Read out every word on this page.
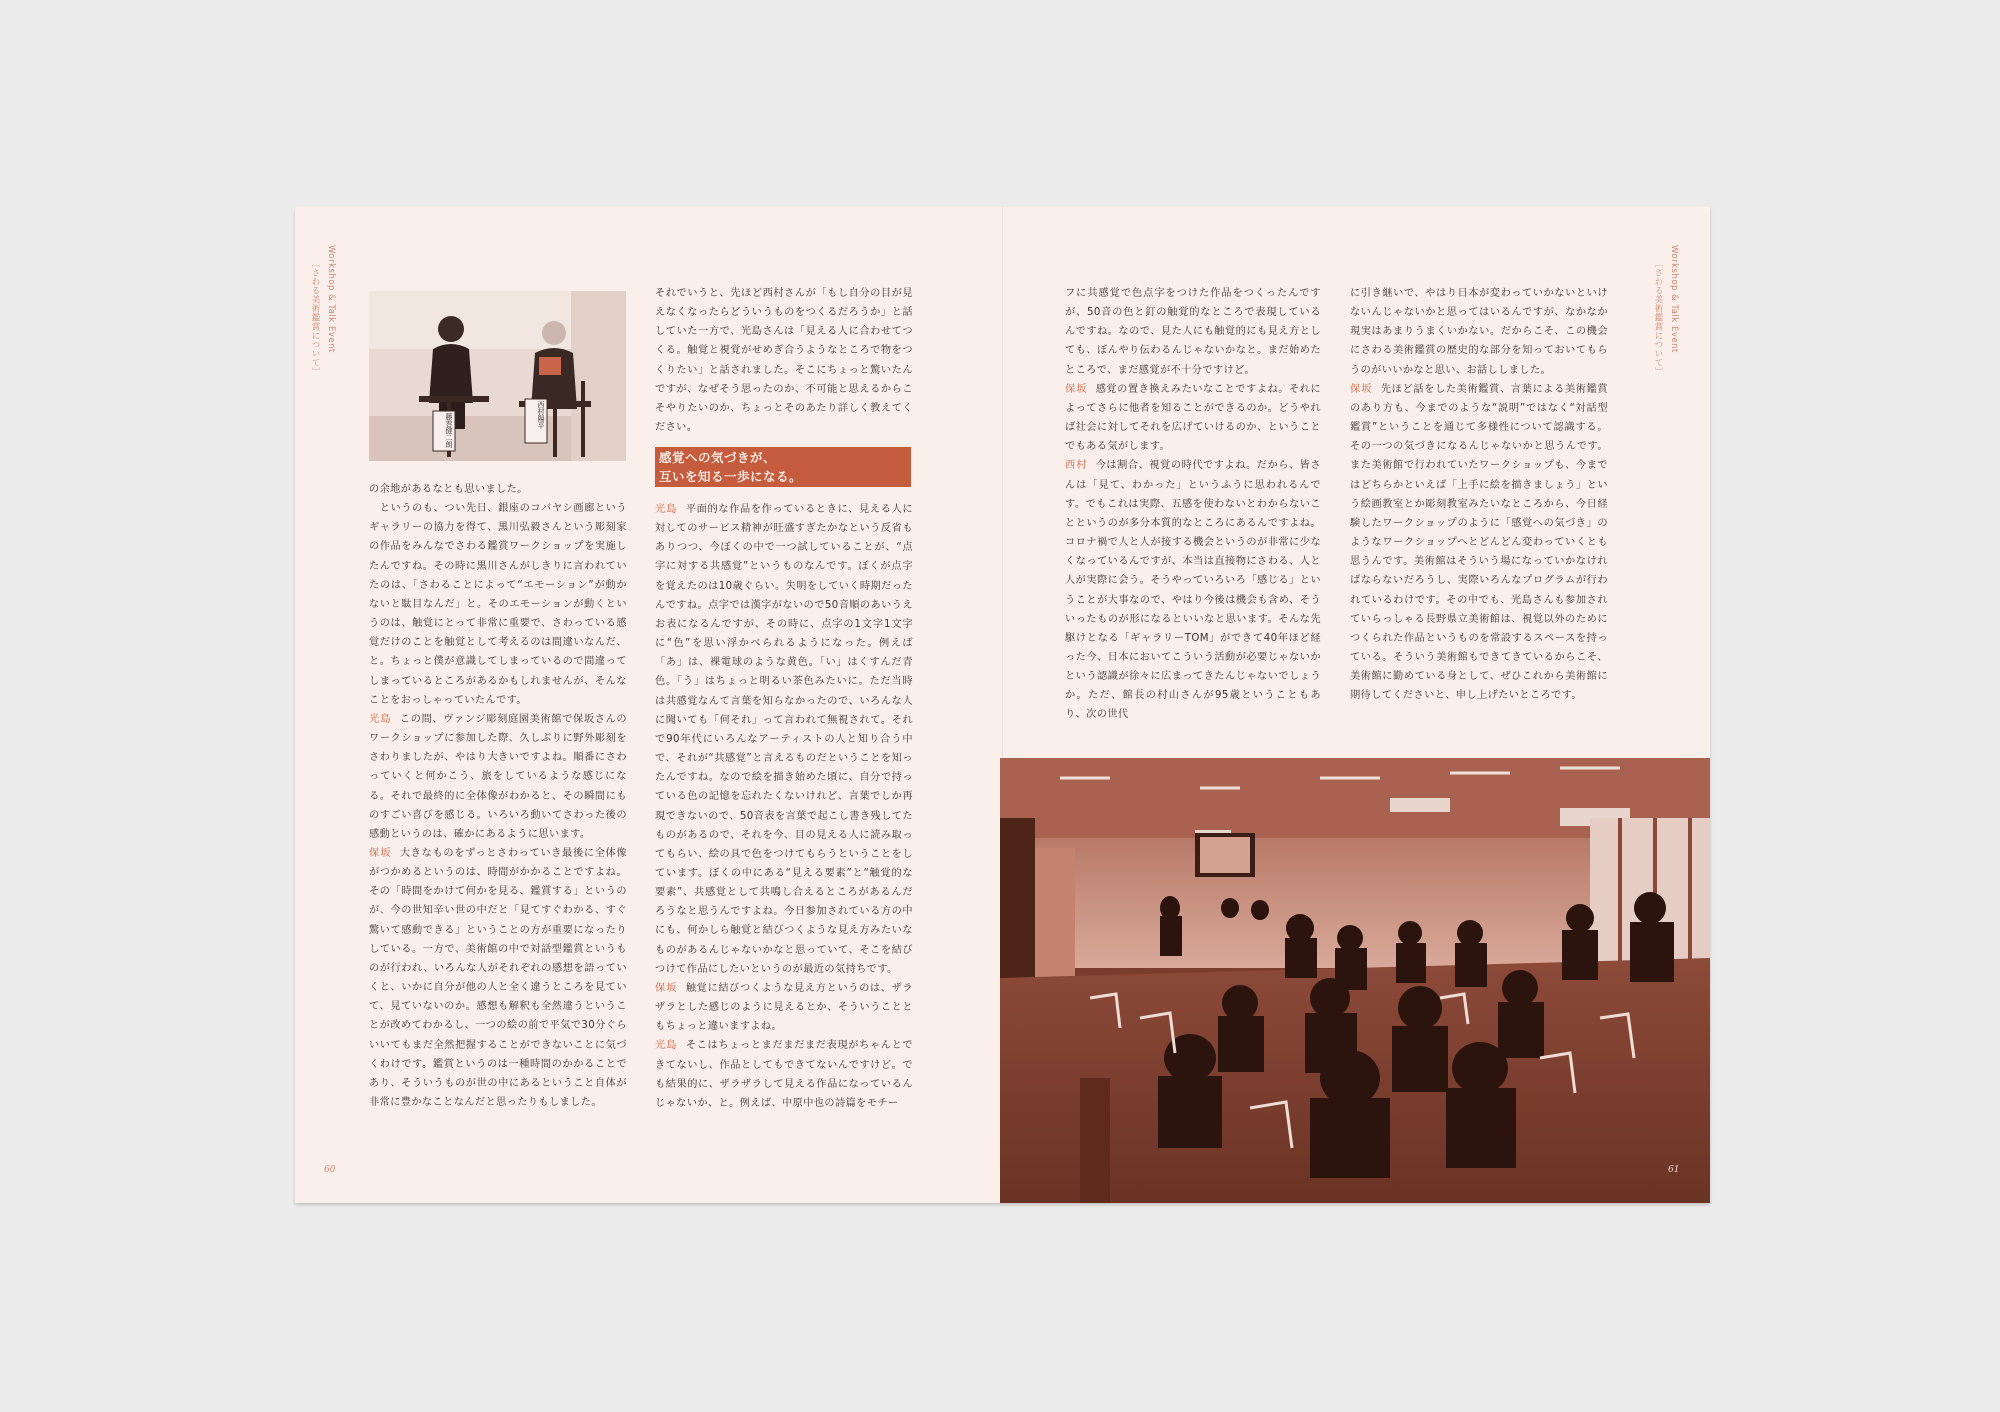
Workshop & Talk Event
［さわる美術鑑賞について］	Workshop & Talk Event
［さわる美術鑑賞について］
藤巻健二朗	西村陽平

の余地があるなとも思いました。

　というのも、つい先日、銀座のコバヤシ画廊というギャラリーの協力を得て、黒川弘毅さんという彫刻家の作品をみんなでさわる鑑賞ワークショップを実施したんですね。その時に黒川さんがしきりに言われていたのは、「さわることによって“エモーション”が動かないと駄目なんだ」と。そのエモーションが動くというのは、触覚にとって非常に重要で、さわっている感覚だけのことを触覚として考えるのは間違いなんだ、と。ちょっと僕が意識してしまっているので間違ってしまっているところがあるかもしれませんが、そんなことをおっしゃっていたんです。

光島 この間、ヴァンジ彫刻庭園美術館で保坂さんのワークショップに参加した際、久しぶりに野外彫刻をさわりましたが、やはり大きいですよね。順番にさわっていくと何かこう、旅をしているような感じになる。それで最終的に全体像がわかると、その瞬間にものすごい喜びを感じる。いろいろ動いてさわった後の感動というのは、確かにあるように思います。

保坂 大きなものをずっとさわっていき最後に全体像がつかめるというのは、時間がかかることですよね。その「時間をかけて何かを見る、鑑賞する」というのが、今の世知辛い世の中だと「見てすぐわかる、すぐ驚いて感動できる」ということの方が重要になったりしている。一方で、美術館の中で対話型鑑賞というものが行われ、いろんな人がそれぞれの感想を語っていくと、いかに自分が他の人と全く違うところを見ていて、見ていないのか。感想も解釈も全然違うということが改めてわかるし、一つの絵の前で平気で30分ぐらいいてもまだ全然把握することができないことに気づくわけです。鑑賞というのは一種時間のかかることであり、そういうものが世の中にあるということ自体が非常に豊かなことなんだと思ったりもしました。

それでいうと、先ほど西村さんが「もし自分の目が見えなくなったらどういうものをつくるだろうか」と話していた一方で、光島さんは「見える人に合わせてつくる。触覚と視覚がせめぎ合うようなところで物をつくりたい」と話されました。そこにちょっと驚いたんですが、なぜそう思ったのか、不可能と思えるからこそやりたいのか、ちょっとそのあたり詳しく教えてください。

感覚への気づきが、
互いを知る一歩になる。

光島 平面的な作品を作っているときに、見える人に対してのサービス精神が旺盛すぎたかなという反省もありつつ、今ぼくの中で一つ試していることが、“点字に対する共感覚”というものなんです。ぼくが点字を覚えたのは10歳ぐらい。失明をしていく時期だったんですね。点字では漢字がないので50音順のあいうえお表になるんですが、その時に、点字の1文字1文字に“色”を思い浮かべられるようになった。例えば「あ」は、裸電球のような黄色。「い」はくすんだ青色。「う」はちょっと明るい茶色みたいに。ただ当時は共感覚なんて言葉を知らなかったので、いろんな人に聞いても「何それ」って言われて無視されて。それで90年代にいろんなアーティストの人と知り合う中で、それが“共感覚”と言えるものだということを知ったんですね。なので絵を描き始めた頃に、自分で持っている色の記憶を忘れたくないけれど、言葉でしか再現できないので、50音表を言葉で起こし書き残してたものがあるので、それを今、目の見える人に読み取ってもらい、絵の具で色をつけてもらうということをしています。ぼくの中にある“見える要素”と“触覚的な要素”、共感覚として共鳴し合えるところがあるんだろうなと思うんですよね。今日参加されている方の中にも、何かしら触覚と結びつくような見え方みたいなものがあるんじゃないかなと思っていて、そこを結びつけて作品にしたいというのが最近の気持ちです。

保坂 触覚に結びつくような見え方というのは、ザラザラとした感じのように見えるとか、そういうことともちょっと違いますよね。

光島 そこはちょっとまだまだまだ表現がちゃんとできてないし、作品としてもできてないんですけど。でも結果的に、ザラザラして見える作品になっているんじゃないか、と。例えば、中原中也の詩篇をモチー

フに共感覚で色点字をつけた作品をつくったんですが、50音の色と釘の触覚的なところで表現しているんですね。なので、見た人にも触覚的にも見え方としても、ぼんやり伝わるんじゃないかなと。まだ始めたところで、まだ感覚が不十分ですけど。

保坂 感覚の置き換えみたいなことですよね。それによってさらに他者を知ることができるのか。どうやれば社会に対してそれを広げていけるのか、ということでもある気がします。

西村 今は割合、視覚の時代ですよね。だから、皆さんは「見て、わかった」というふうに思われるんです。でもこれは実際、五感を使わないとわからないことというのが多分本質的なところにあるんですよね。コロナ禍で人と人が接する機会というのが非常に少なくなっているんですが、本当は直接物にさわる、人と人が実際に会う。そうやっていろいろ「感じる」ということが大事なので、やはり今後は機会も含め、そういったものが形になるといいなと思います。そんな先駆けとなる「ギャラリーTOM」ができて40年ほど経った今、日本においてこういう活動が必要じゃないかという認識が徐々に広まってきたんじゃないでしょうか。ただ、館長の村山さんが95歳ということもあり、次の世代

に引き継いで、やはり日本が変わっていかないといけないんじゃないかと思ってはいるんですが、なかなか現実はあまりうまくいかない。だからこそ、この機会にさわる美術鑑賞の歴史的な部分を知っておいてもらうのがいいかなと思い、お話ししました。

保坂 先ほど話をした美術鑑賞、言葉による美術鑑賞のあり方も、今までのような“説明”ではなく“対話型鑑賞”ということを通じて多様性について認識する。その一つの気づきになるんじゃないかと思うんです。また美術館で行われていたワークショップも、今まではどちらかといえば「上手に絵を描きましょう」という絵画教室とか彫刻教室みたいなところから、今日経験したワークショップのように「感覚への気づき」のようなワークショップへとどんどん変わっていくとも思うんです。美術館はそういう場になっていかなければならないだろうし、実際いろんなプログラムが行われているわけです。その中でも、光島さんも参加されていらっしゃる長野県立美術館は、視覚以外のためにつくられた作品というものを常設するスペースを持っている。そういう美術館もできてきているからこそ、美術館に勤めている身として、ぜひこれから美術館に期待してくださいと、申し上げたいところです。

60	61
